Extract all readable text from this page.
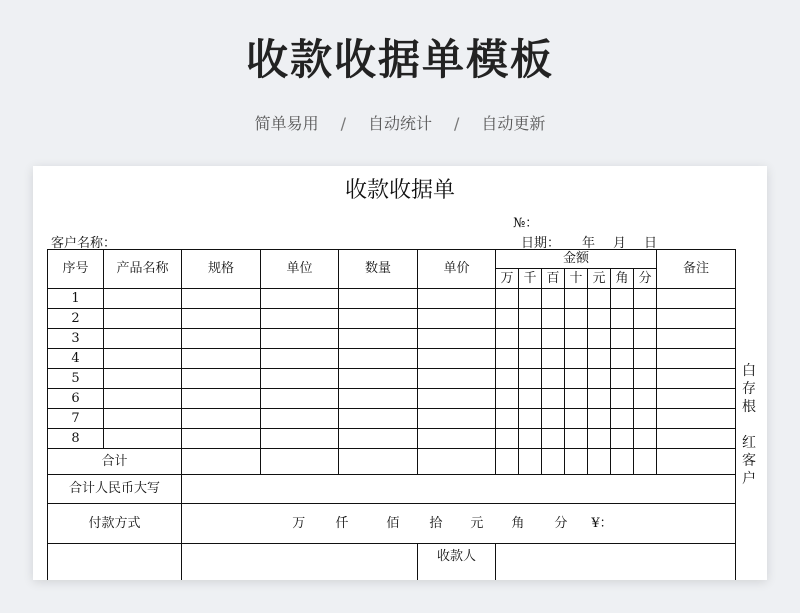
收款收据单模板
简单易用 / 自动统计 / 自动更新
收款收据单
№：
客户名称：	日期： 年 月 日
序号	产品名称	规格	单位	数量	单价	金额							备注
						万	千	百	十	元	角	分	
1													
2													
3													
4													
5													
6													
7													
8													
合计													
合计人民币大写													
付款方式		万 仟 佰 拾 元 角 分 ¥：											
					收款人								
白
存
根
红
客
户
